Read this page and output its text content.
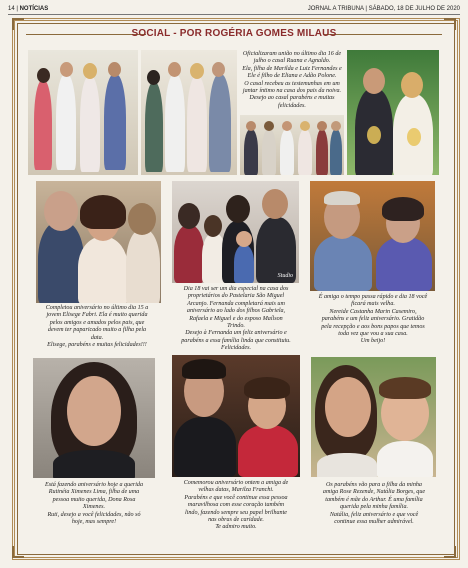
14 | NOTÍCIAS	JORNAL A TRIBUNA | SÁBADO, 18 DE JULHO DE 2020
SOCIAL - POR ROGÉRIA GOMES MILAUS

Oficializaram união no último dia 16 de

julho o casal Ruana e Agnaldo.

Ela, filha de Marilda e Luiz Fernandes e

Ele é filho de Eliana e Adão Polone.

O casal recebeu as testemunhas em um

jantar íntimo na casa dos pais da noiva.

Desejo ao casal parabéns e muitas

felicidades.

Completou aniversário no último dia 15 a

jovem Elisege Fabri. Ela é muito querida

pelos amigos e amados pelos pais, que

devem ter paparicado muito a filha pela

data.

Elisege, parabéns e muitas felicidades!!!

Studio

Dia 18 vai ser um dia especial na casa dos

proprietários do Pastelaria São Miguel

Arcanjo. Fernanda completará mais um

aniversário ao lado dos filhos Gabriela,

Rafaela e Miguel e do esposo Maílson

Trindo.

Desejo à Fernanda um feliz aniversário e

parabéns a essa família linda que constituiu.

Felicidades.

É amiga o tempo passa rápido e dia 18 você

ficará mais velha.

Nereide Castanha Marin Casemiro,

parabéns e um feliz aniversário. Gratidão

pela recepção e aos bons papos que temos

toda vez que vou a sua casa.

Um beijo!

Está fazendo aniversário hoje a querida

Rutinéia Ximenes Lima, filha de uma

pessoa muito querida, Dona Rosa

Ximenes.

Ruti, desejo a você felicidades, não só

hoje, mas sempre!

Comemorou aniversário ontem a amiga de

velhas datas, Marilza Franchi.

Parabéns e que você continue essa pessoa

maravilhosa com esse coração também

lindo, fazendo sempre seu papel brilhante

nas obras de caridade.

Te admiro muito.

Os parabéns vão para a filha da minha

amiga Rose Rezende, Natália Borges, que

também é mãe do Arthur. É uma família

querida pela minha família.

Natália, feliz aniversário e que você

continue essa mulher admirável.
